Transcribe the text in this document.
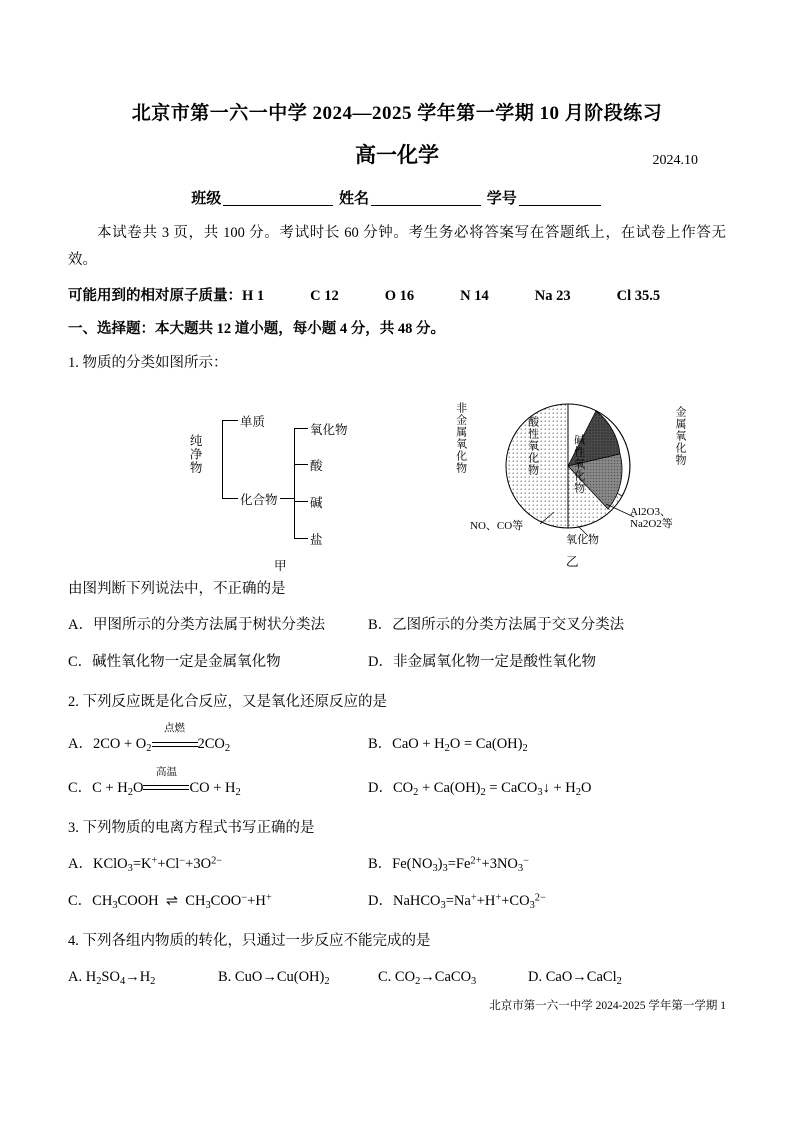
北京市第一六一中学 2024—2025 学年第一学期 10 月阶段练习
高一化学	2024.10
班级	姓名	学号
本试卷共 3 页，共 100 分。考试时长 60 分钟。考生务必将答案写在答题纸上，在试卷上作答无效。
可能用到的相对原子质量：H 1	C 12	O 16	N 14	Na 23	Cl 35.5
一、选择题：本大题共 12 道小题，每小题 4 分，共 48 分。
1. 物质的分类如图所示：
纯净物
单质
化合物
氧化物
酸
碱
盐
甲
非金属氧化物	金属氧化物
酸性氧化物	碱性氧化物
NO、CO等
氧化物
Al2O3、Na2O2等
乙
由图判断下列说法中，不正确的是
A．甲图所示的分类方法属于树状分类法	B．乙图所示的分类方法属于交叉分类法
C．碱性氧化物一定是金属氧化物	D．非金属氧化物一定是酸性氧化物
2. 下列反应既是化合反应，又是氧化还原反应的是
A．$2CO + O_2$
点燃
$2CO_2$	B．CaO + $H_2O = Ca(OH)_2$
C．$C + H_2O$
高温
CO + $H_2$	D．$CO_2 + Ca(OH)_2$ = CaCO$_3$↓ + $H_2O$
3. 下列物质的电离方程式书写正确的是
A．$KClO_3=K^++Cl^-+3O^{2-}$	B．$Fe(NO_3)_3=Fe^{2+}+3NO_3^-$
C．$CH_3COOH$  ⇌  $CH_3COO^-+H^+$	D．$NaHCO_3=Na^++H^++CO_3^{2-}$
4. 下列各组内物质的转化，只通过一步反应不能完成的是
A. $H_2SO_4\to H_2$	B. $CuO\to Cu(OH)_2$	C. $CO_2\to CaCO_3$	D. CaO→CaCl$_2$
北京市第一六一中学 2024-2025 学年第一学期 1
